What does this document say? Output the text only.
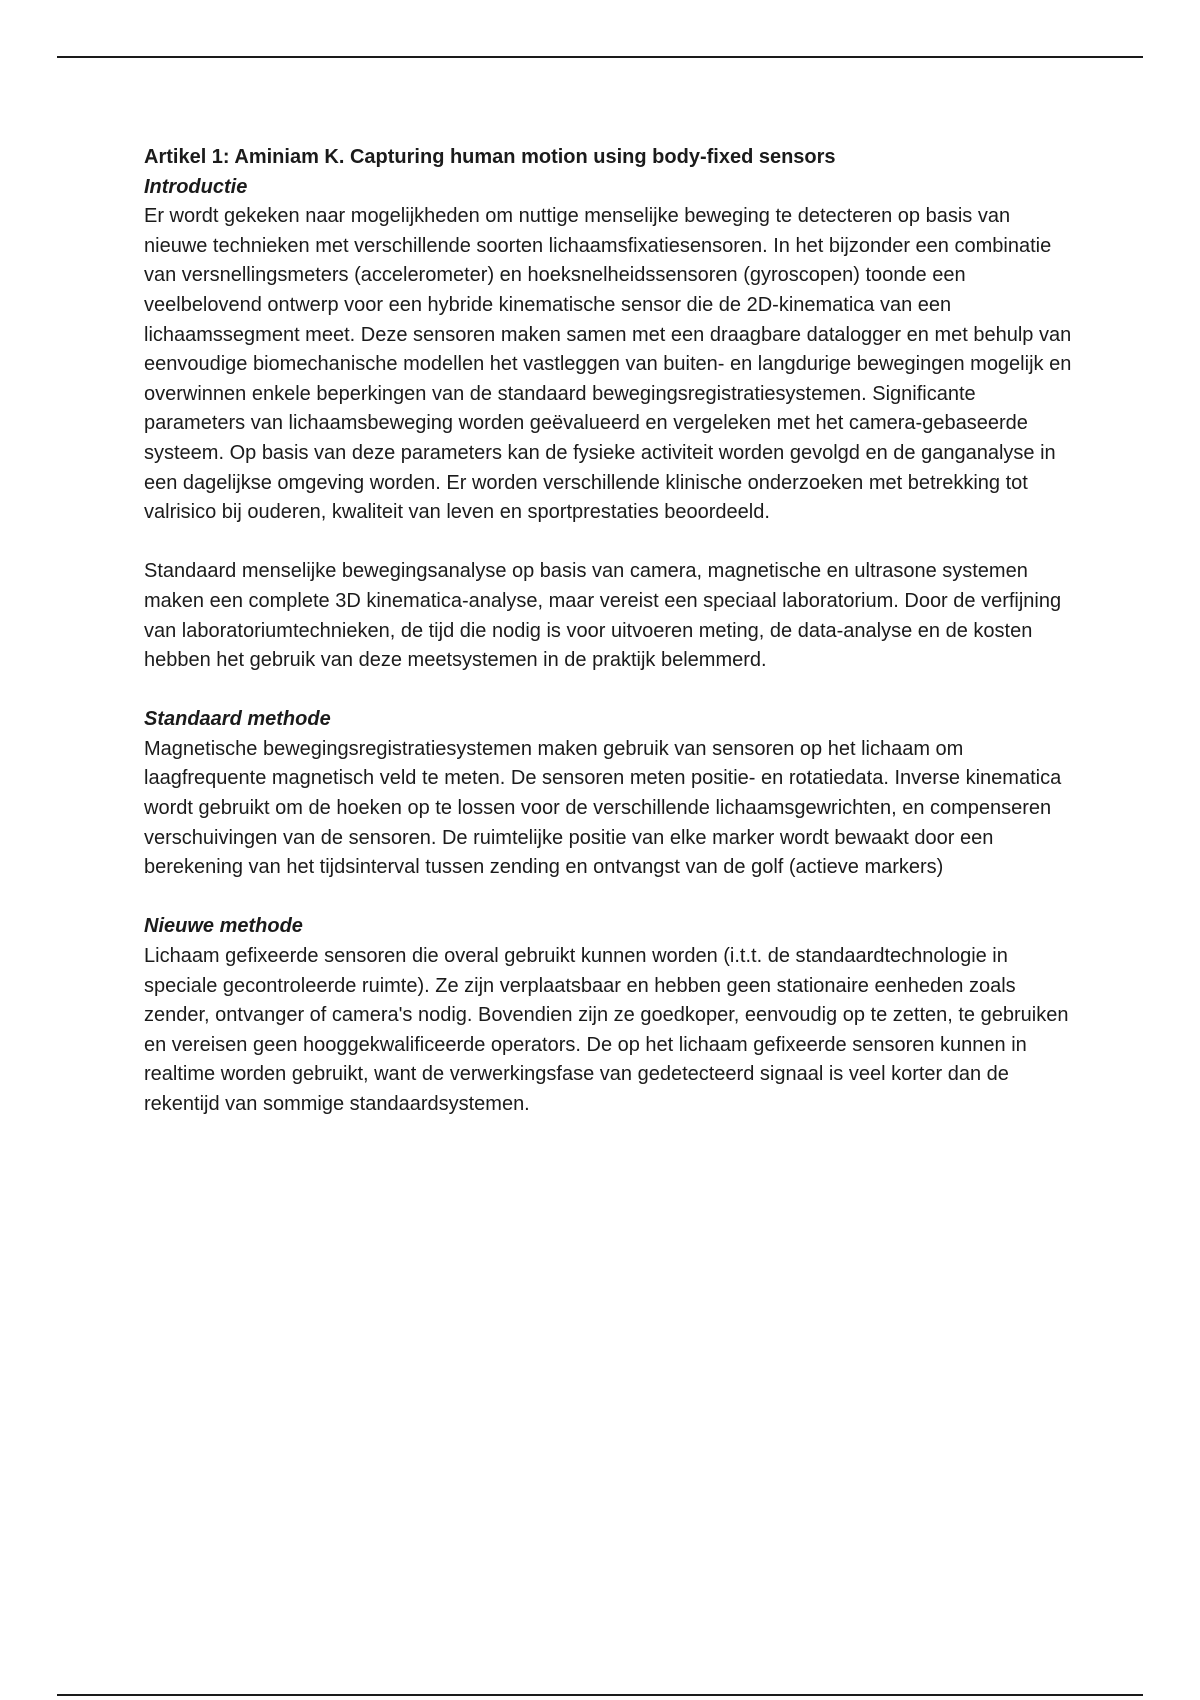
Artikel 1: Aminiam K. Capturing human motion using body-fixed sensors

Introductie

Er wordt gekeken naar mogelijkheden om nuttige menselijke beweging te detecteren op basis van nieuwe technieken met verschillende soorten lichaamsfixatiesensoren. In het bijzonder een combinatie van versnellingsmeters (accelerometer) en hoeksnelheidssensoren (gyroscopen) toonde een veelbelovend ontwerp voor een hybride kinematische sensor die de 2D-kinematica van een lichaamssegment meet. Deze sensoren maken samen met een draagbare datalogger en met behulp van eenvoudige biomechanische modellen het vastleggen van buiten- en langdurige bewegingen mogelijk en overwinnen enkele beperkingen van de standaard bewegingsregistratiesystemen. Significante parameters van lichaamsbeweging worden geëvalueerd en vergeleken met het camera-gebaseerde systeem. Op basis van deze parameters kan de fysieke activiteit worden gevolgd en de ganganalyse in een dagelijkse omgeving worden. Er worden verschillende klinische onderzoeken met betrekking tot valrisico bij ouderen, kwaliteit van leven en sportprestaties beoordeeld.

Standaard menselijke bewegingsanalyse op basis van camera, magnetische en ultrasone systemen maken een complete 3D kinematica-analyse, maar vereist een speciaal laboratorium. Door de verfijning van laboratoriumtechnieken, de tijd die nodig is voor uitvoeren meting, de data-analyse en de kosten hebben het gebruik van deze meetsystemen in de praktijk belemmerd.

Standaard methode

Magnetische bewegingsregistratiesystemen maken gebruik van sensoren op het lichaam om laagfrequente magnetisch veld te meten. De sensoren meten positie- en rotatiedata. Inverse kinematica wordt gebruikt om de hoeken op te lossen voor de verschillende lichaamsgewrichten, en compenseren verschuivingen van de sensoren. De ruimtelijke positie van elke marker wordt bewaakt door een berekening van het tijdsinterval tussen zending en ontvangst van de golf (actieve markers)

Nieuwe methode

Lichaam gefixeerde sensoren die overal gebruikt kunnen worden (i.t.t. de standaardtechnologie in speciale gecontroleerde ruimte). Ze zijn verplaatsbaar en hebben geen stationaire eenheden zoals zender, ontvanger of camera's nodig. Bovendien zijn ze goedkoper, eenvoudig op te zetten, te gebruiken en vereisen geen hooggekwalificeerde operators. De op het lichaam gefixeerde sensoren kunnen in realtime worden gebruikt, want de verwerkingsfase van gedetecteerd signaal is veel korter dan de rekentijd van sommige standaardsystemen.
